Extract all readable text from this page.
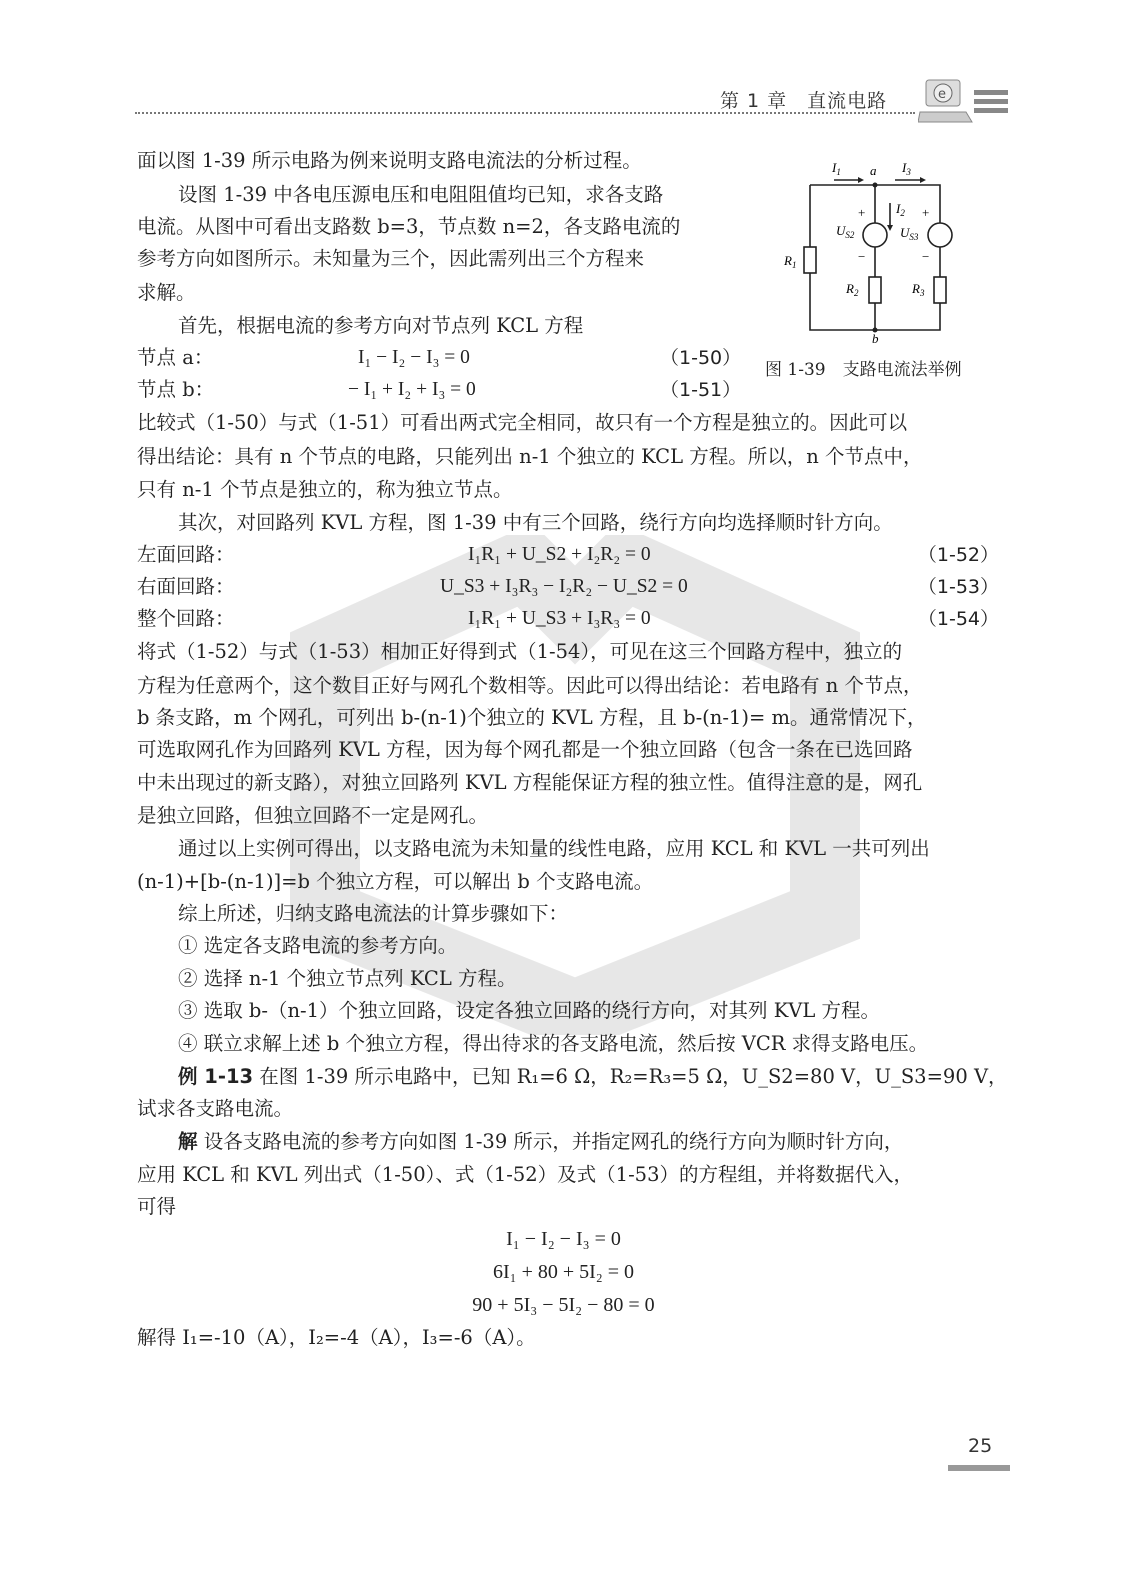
第 1 章　直流电路	e
$I_1$ a $I_3$
$I_2$
$R_1$
$U_{S2}$	$U_{S3}$
+
−
+
−
$R_2$	$R_3$
b
图 1-39　支路电流法举例
面以图 1-39 所示电路为例来说明支路电流法的分析过程。
设图 1-39 中各电压源电压和电阻阻值均已知，求各支路
电流。从图中可看出支路数 b=3，节点数 n=2，各支路电流的
参考方向如图所示。未知量为三个，因此需列出三个方程来
求解。
首先，根据电流的参考方向对节点列 KCL 方程
节点 a：	I₁ − I₂ − I₃ = 0	（1-50）
节点 b：	− I₁ + I₂ + I₃ = 0	（1-51）
比较式（1-50）与式（1-51）可看出两式完全相同，故只有一个方程是独立的。因此可以
得出结论：具有 n 个节点的电路，只能列出 n-1 个独立的 KCL 方程。所以，n 个节点中，
只有 n-1 个节点是独立的，称为独立节点。
其次，对回路列 KVL 方程，图 1-39 中有三个回路，绕行方向均选择顺时针方向。
左面回路：	I₁R₁ + U_S2 + I₂R₂ = 0	（1-52）
右面回路：	U_S3 + I₃R₃ − I₂R₂ − U_S2 = 0	（1-53）
整个回路：	I₁R₁ + U_S3 + I₃R₃ = 0	（1-54）
将式（1-52）与式（1-53）相加正好得到式（1-54），可见在这三个回路方程中，独立的
方程为任意两个，这个数目正好与网孔个数相等。因此可以得出结论：若电路有 n 个节点，
b 条支路，m 个网孔，可列出 b-(n-1)个独立的 KVL 方程，且 b-(n-1)= m。通常情况下，
可选取网孔作为回路列 KVL 方程，因为每个网孔都是一个独立回路（包含一条在已选回路
中未出现过的新支路），对独立回路列 KVL 方程能保证方程的独立性。值得注意的是，网孔
是独立回路，但独立回路不一定是网孔。
通过以上实例可得出，以支路电流为未知量的线性电路，应用 KCL 和 KVL 一共可列出
(n-1)+[b-(n-1)]=b 个独立方程，可以解出 b 个支路电流。
综上所述，归纳支路电流法的计算步骤如下：
① 选定各支路电流的参考方向。
② 选择 n-1 个独立节点列 KCL 方程。
③ 选取 b-（n-1）个独立回路，设定各独立回路的绕行方向，对其列 KVL 方程。
④ 联立求解上述 b 个独立方程，得出待求的各支路电流，然后按 VCR 求得支路电压。
例 1-13 在图 1-39 所示电路中，已知 R₁=6 Ω，R₂=R₃=5 Ω，U_S2=80 V，U_S3=90 V，
试求各支路电流。
解 设各支路电流的参考方向如图 1-39 所示，并指定网孔的绕行方向为顺时针方向，
应用 KCL 和 KVL 列出式（1-50）、式（1-52）及式（1-53）的方程组，并将数据代入，
可得
I₁ − I₂ − I₃ = 0
6I₁ + 80 + 5I₂ = 0
90 + 5I₃ − 5I₂ − 80 = 0
解得 I₁=-10（A），I₂=-4（A），I₃=-6（A）。
25
